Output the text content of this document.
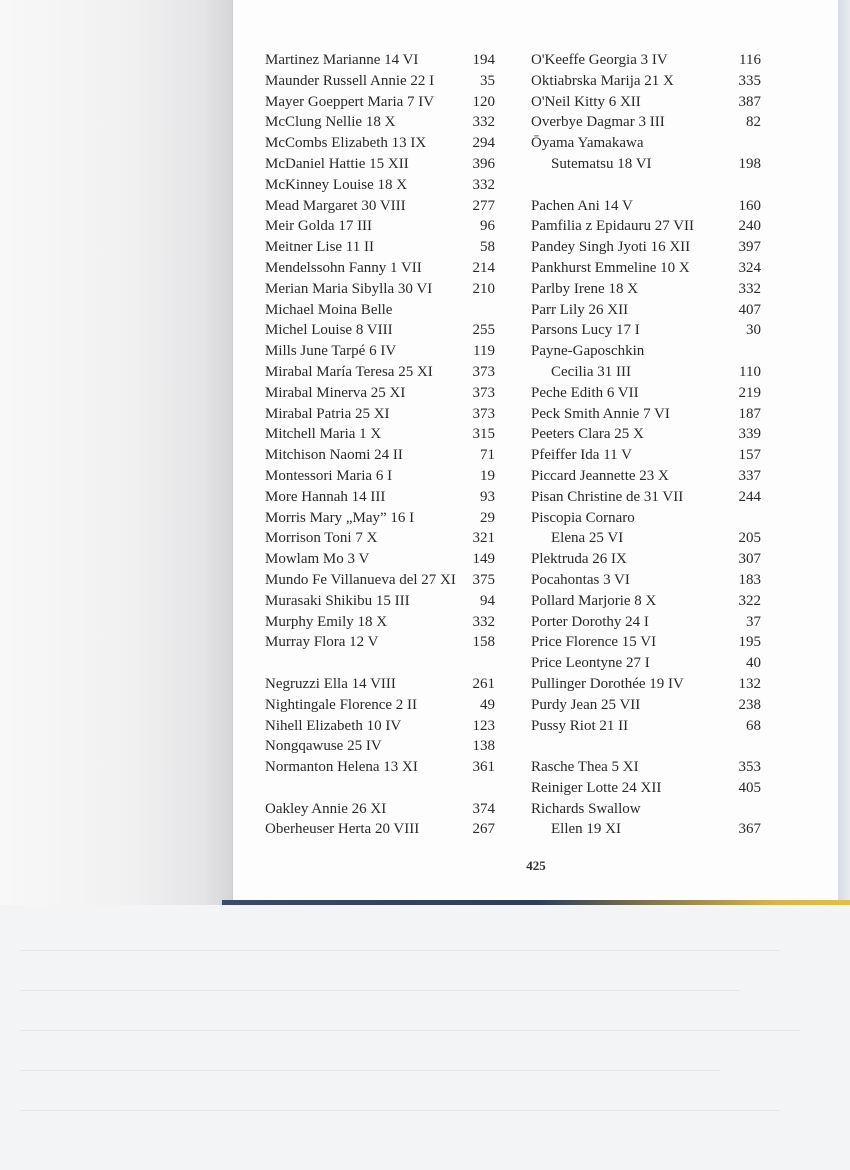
425
Martinez Marianne 14 VI	194
Maunder Russell Annie 22 I	35
Mayer Goeppert Maria 7 IV	120
McClung Nellie 18 X	332
McCombs Elizabeth 13 IX	294
McDaniel Hattie 15 XII	396
McKinney Louise 18 X	332
Mead Margaret 30 VIII	277
Meir Golda 17 III	96
Meitner Lise 11 II	58
Mendelssohn Fanny 1 VII	214
Merian Maria Sibylla 30 VI	210
Michael Moina Belle
Michel Louise 8 VIII	255
Mills June Tarpé 6 IV	119
Mirabal María Teresa 25 XI	373
Mirabal Minerva 25 XI	373
Mirabal Patria 25 XI	373
Mitchell Maria 1 X	315
Mitchison Naomi 24 II	71
Montessori Maria 6 I	19
More Hannah 14 III	93
Morris Mary „May” 16 I	29
Morrison Toni 7 X	321
Mowlam Mo 3 V	149
Mundo Fe Villanueva del 27 XI 375
Murasaki Shikibu 15 III	94
Murphy Emily 18 X	332
Murray Flora 12 V	158
Negruzzi Ella 14 VIII	261
Nightingale Florence 2 II	49
Nihell Elizabeth 10 IV	123
Nongqawuse 25 IV	138
Normanton Helena 13 XI	361
Oakley Annie 26 XI	374
Oberheuser Herta 20 VIII	267
O'Keeffe Georgia 3 IV	116
Oktiabrska Marija 21 X	335
O'Neil Kitty 6 XII	387
Overbye Dagmar 3 III	82
Ōyama Yamakawa
Sutematsu 18 VI	198
Pachen Ani 14 V	160
Pamfilia z Epidauru 27 VII	240
Pandey Singh Jyoti 16 XII	397
Pankhurst Emmeline 10 X	324
Parlby Irene 18 X	332
Parr Lily 26 XII	407
Parsons Lucy 17 I	30
Payne-Gaposchkin
Cecilia 31 III	110
Peche Edith 6 VII	219
Peck Smith Annie 7 VI	187
Peeters Clara 25 X	339
Pfeiffer Ida 11 V	157
Piccard Jeannette 23 X	337
Pisan Christine de 31 VII	244
Piscopia Cornaro
Elena 25 VI	205
Plektruda 26 IX	307
Pocahontas 3 VI	183
Pollard Marjorie 8 X	322
Porter Dorothy 24 I	37
Price Florence 15 VI	195
Price Leontyne 27 I	40
Pullinger Dorothée 19 IV	132
Purdy Jean 25 VII	238
Pussy Riot 21 II	68
Rasche Thea 5 XI	353
Reiniger Lotte 24 XII	405
Richards Swallow
Ellen 19 XI	367
